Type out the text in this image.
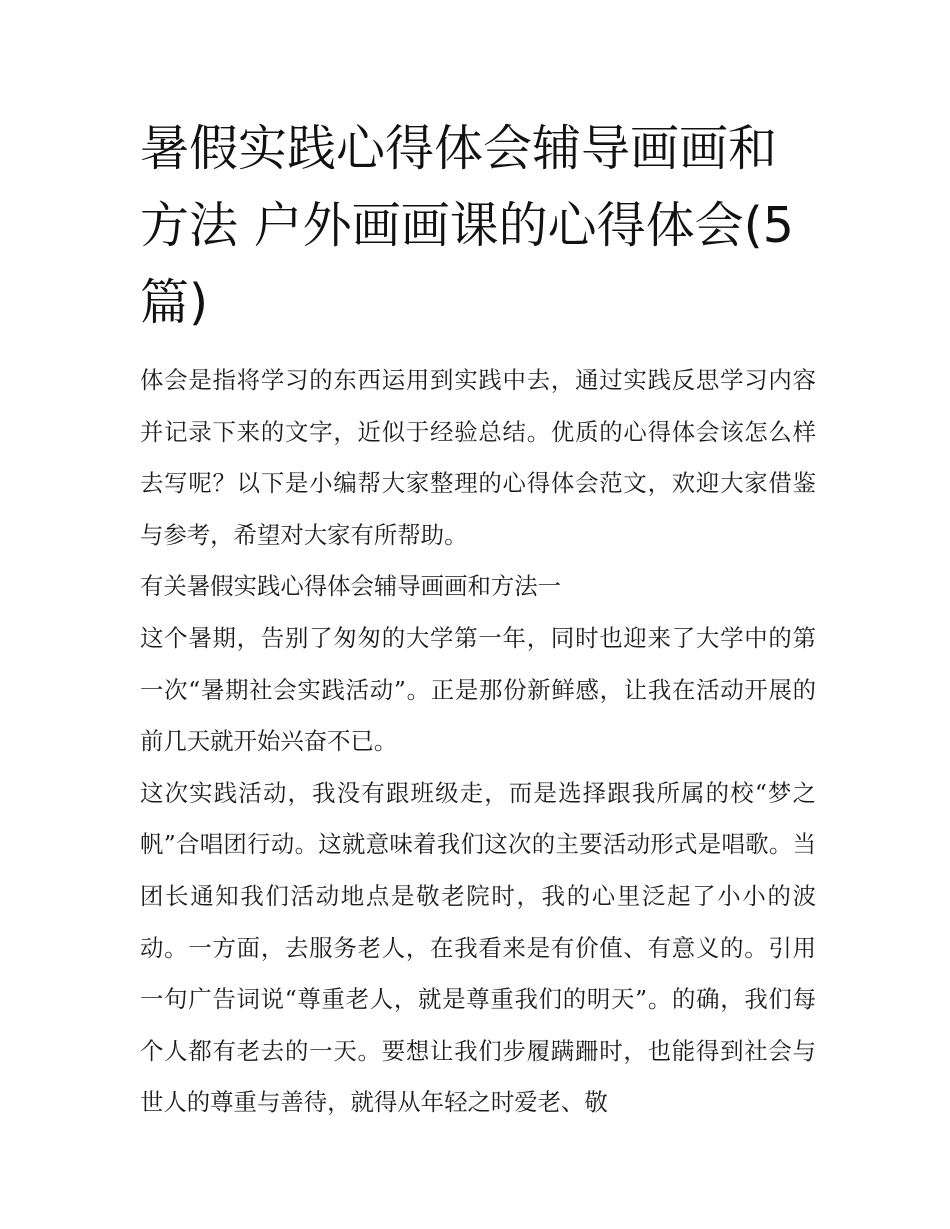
暑假实践心得体会辅导画画和方法 户外画画课的心得体会(5篇)

体会是指将学习的东西运用到实践中去，通过实践反思学习内容并记录下来的文字，近似于经验总结。优质的心得体会该怎么样去写呢？以下是小编帮大家整理的心得体会范文，欢迎大家借鉴与参考，希望对大家有所帮助。

有关暑假实践心得体会辅导画画和方法一

这个暑期，告别了匆匆的大学第一年，同时也迎来了大学中的第一次“暑期社会实践活动”。正是那份新鲜感，让我在活动开展的前几天就开始兴奋不已。

这次实践活动，我没有跟班级走，而是选择跟我所属的校“梦之帆”合唱团行动。这就意味着我们这次的主要活动形式是唱歌。当团长通知我们活动地点是敬老院时，我的心里泛起了小小的波动。一方面，去服务老人，在我看来是有价值、有意义的。引用一句广告词说“尊重老人，就是尊重我们的明天”。的确，我们每个人都有老去的一天。要想让我们步履蹒跚时，也能得到社会与世人的尊重与善待，就得从年轻之时爱老、敬
